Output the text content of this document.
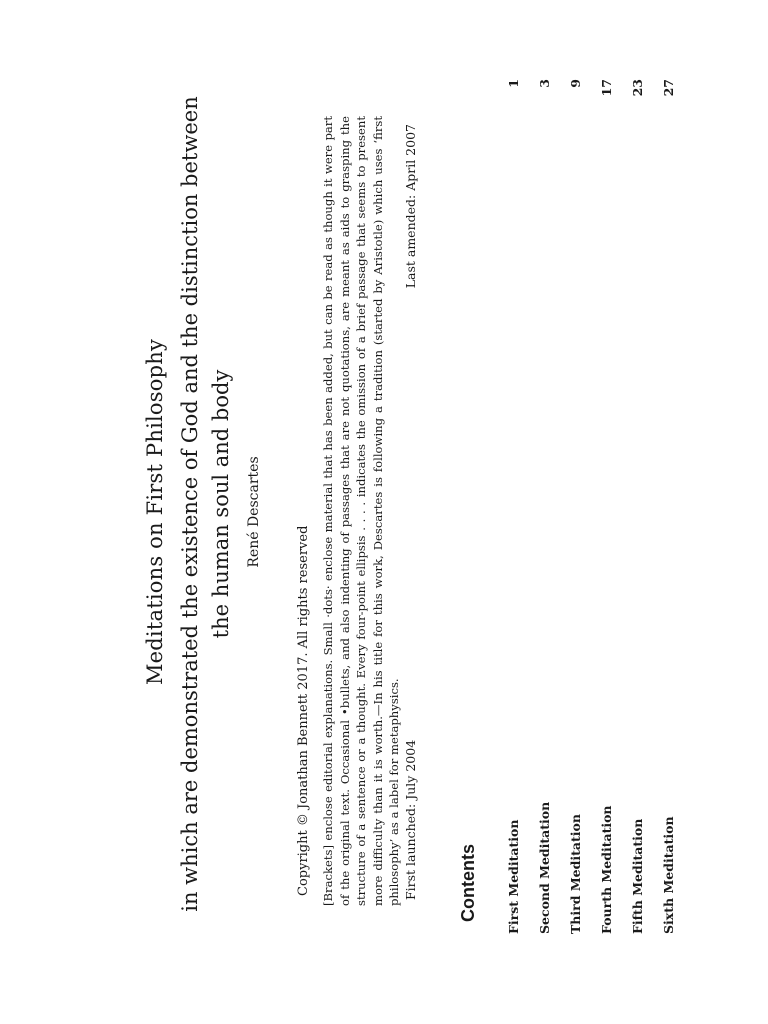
Meditations on First Philosophy in which are demonstrated the existence of God and the distinction between the human soul and body René Descartes
Copyright © Jonathan Bennett 2017. All rights reserved [Brackets] enclose editorial explanations. Small ·dots· enclose material that has been added, but can be read as though it were part of the original text. Occasional •bullets, and also indenting of passages that are not quotations, are meant as aids to grasping the structure of a sentence or a thought. Every four-point ellipsis . . . . indicates the omission of a brief passage that seems to present more difficulty than it is worth.—In his title for this work, Descartes is following a tradition (started by Aristotle) which uses ‘first philosophy’ as a label for metaphysics. First launched: July 2004
Last amended: April 2007
Contents First Meditation
1
Second Meditation
3
Third Meditation
9
Fourth Meditation
17
Fifth Meditation
23
Sixth Meditation
27
